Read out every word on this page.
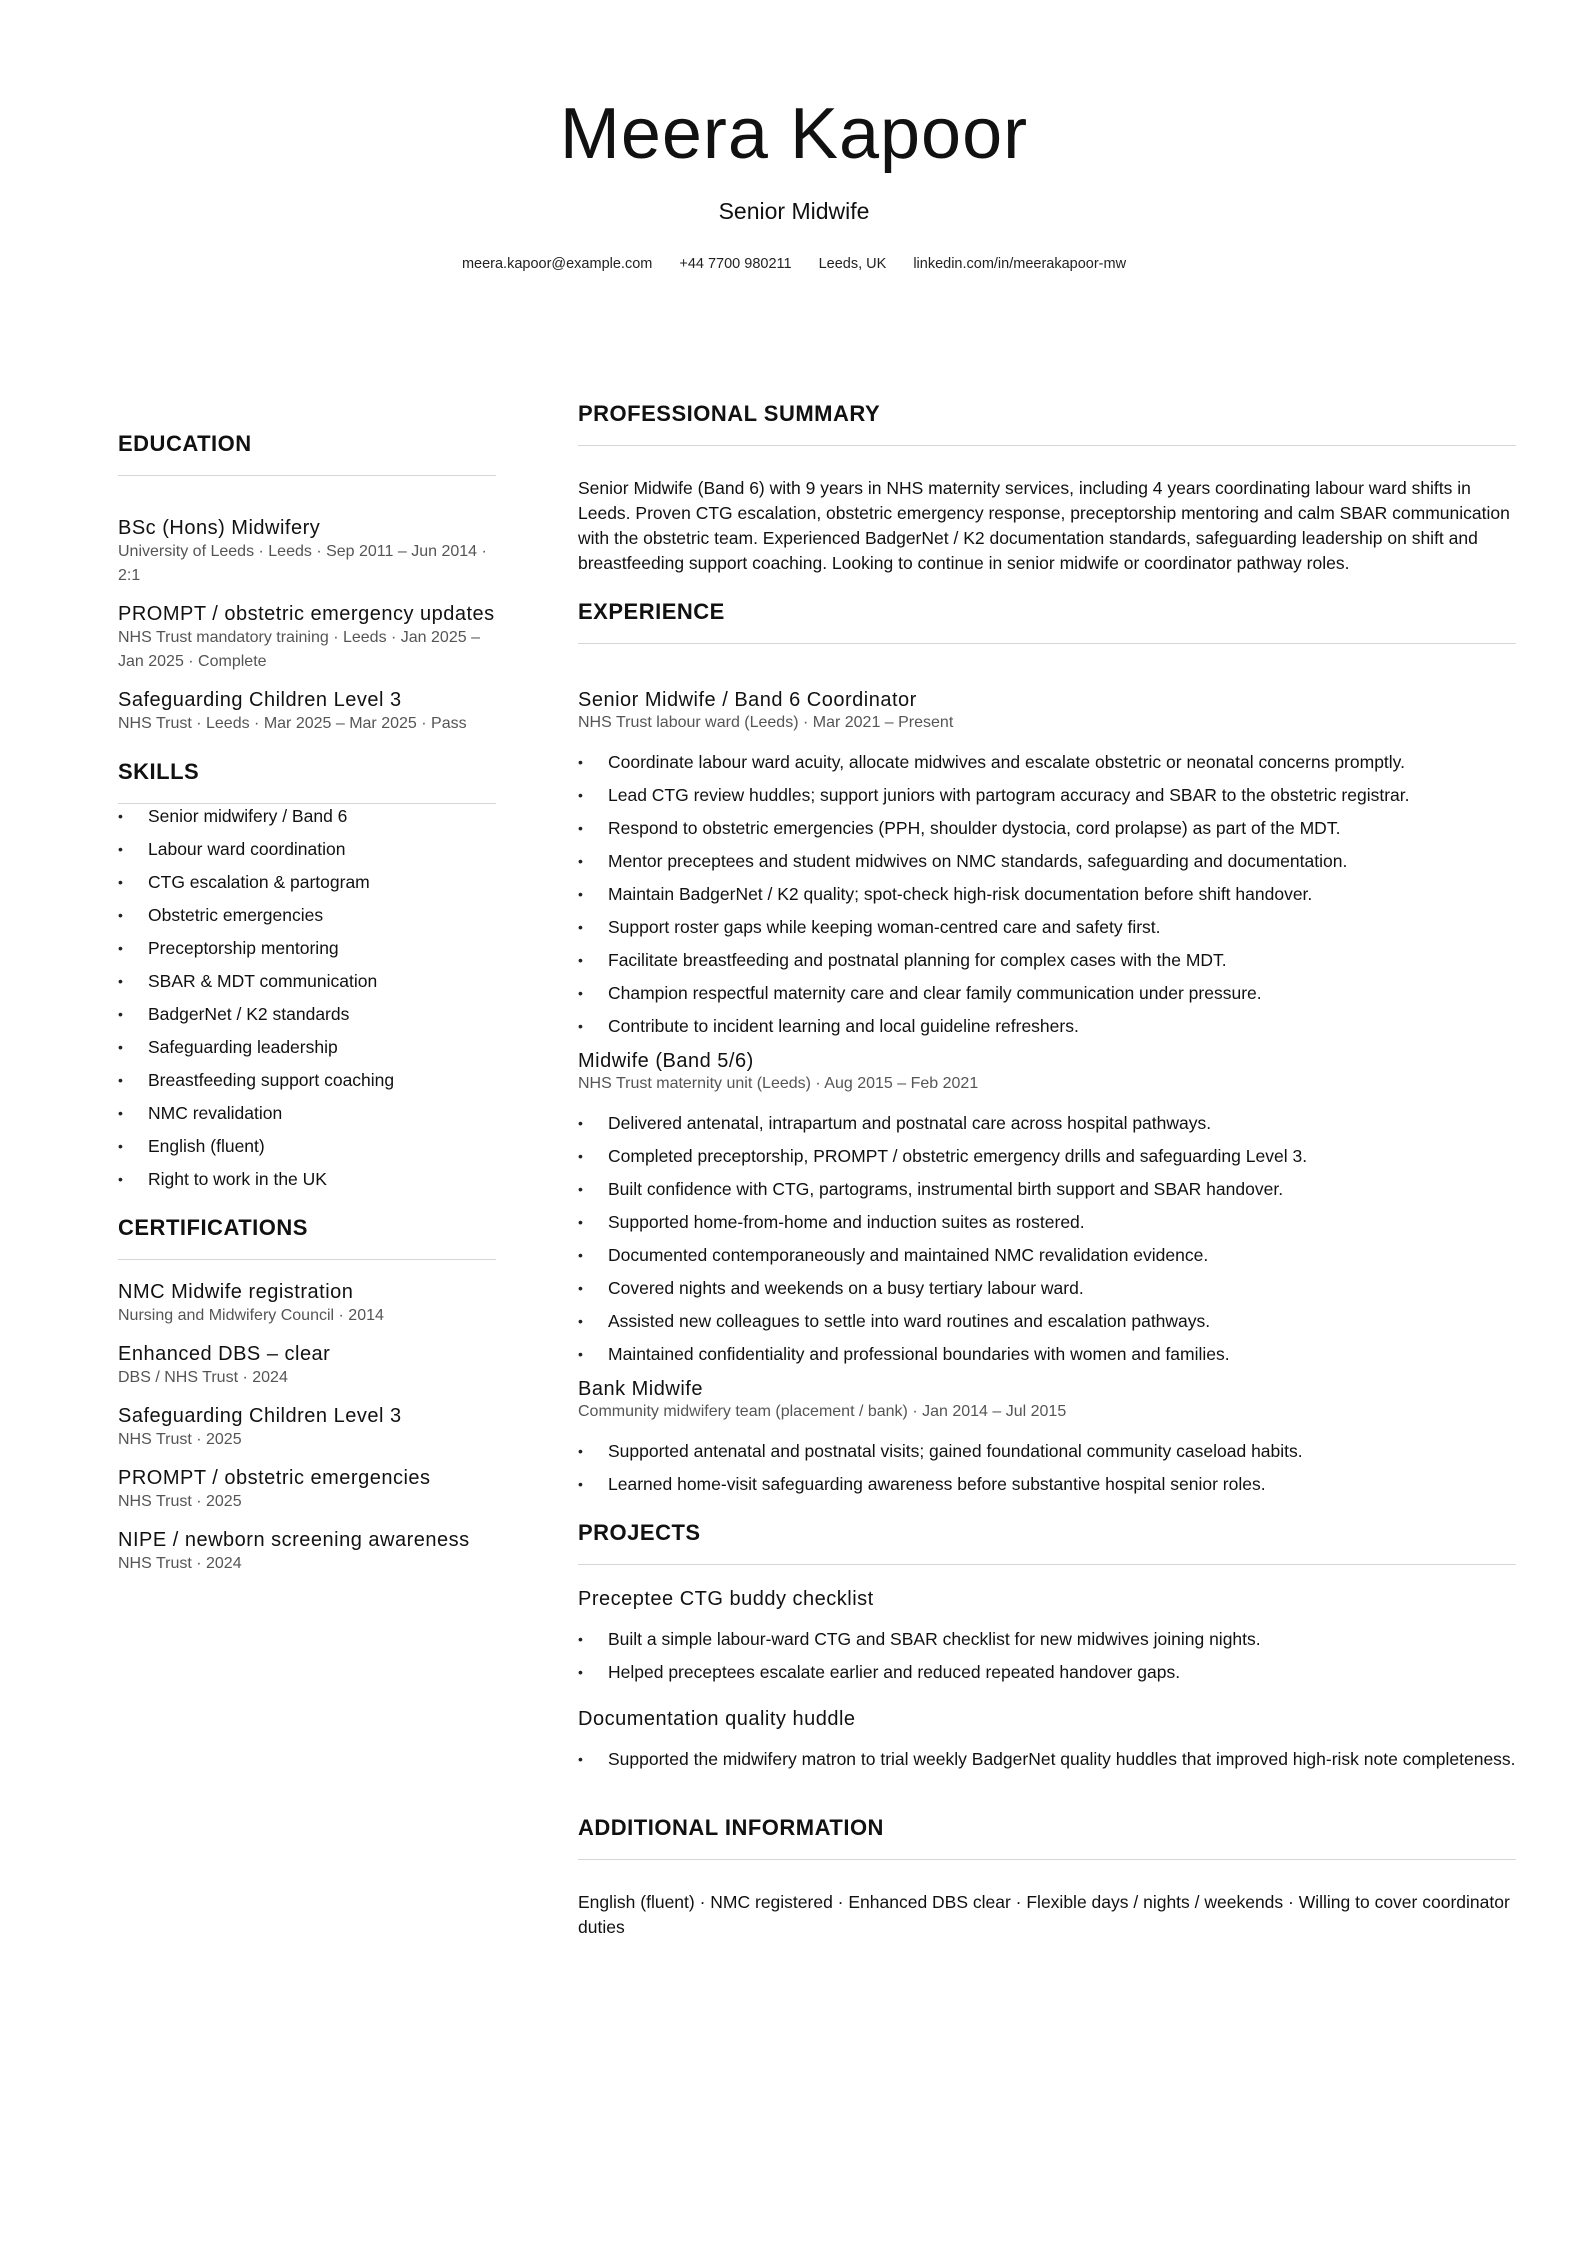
Meera Kapoor
Senior Midwife
meera.kapoor@example.com +44 7700 980211 Leeds, UK linkedin.com/in/meerakapoor-mw
EDUCATION
BSc (Hons) Midwifery
University of Leeds · Leeds · Sep 2011 – Jun 2014 · 2:1
PROMPT / obstetric emergency updates
NHS Trust mandatory training · Leeds · Jan 2025 – Jan 2025 · Complete
Safeguarding Children Level 3
NHS Trust · Leeds · Mar 2025 – Mar 2025 · Pass
SKILLS
• Senior midwifery / Band 6
• Labour ward coordination
• CTG escalation & partogram
• Obstetric emergencies
• Preceptorship mentoring
• SBAR & MDT communication
• BadgerNet / K2 standards
• Safeguarding leadership
• Breastfeeding support coaching
• NMC revalidation
• English (fluent)
• Right to work in the UK
CERTIFICATIONS
NMC Midwife registration
Nursing and Midwifery Council · 2014
Enhanced DBS – clear
DBS / NHS Trust · 2024
Safeguarding Children Level 3
NHS Trust · 2025
PROMPT / obstetric emergencies
NHS Trust · 2025
NIPE / newborn screening awareness
NHS Trust · 2024
PROFESSIONAL SUMMARY
Senior Midwife (Band 6) with 9 years in NHS maternity services, including 4 years coordinating labour ward shifts in Leeds. Proven CTG escalation, obstetric emergency response, preceptorship mentoring and calm SBAR communication with the obstetric team. Experienced BadgerNet / K2 documentation standards, safeguarding leadership on shift and breastfeeding support coaching. Looking to continue in senior midwife or coordinator pathway roles.
EXPERIENCE
Senior Midwife / Band 6 Coordinator
NHS Trust labour ward (Leeds) · Mar 2021 – Present
• Coordinate labour ward acuity, allocate midwives and escalate obstetric or neonatal concerns promptly.
• Lead CTG review huddles; support juniors with partogram accuracy and SBAR to the obstetric registrar.
• Respond to obstetric emergencies (PPH, shoulder dystocia, cord prolapse) as part of the MDT.
• Mentor preceptees and student midwives on NMC standards, safeguarding and documentation.
• Maintain BadgerNet / K2 quality; spot-check high-risk documentation before shift handover.
• Support roster gaps while keeping woman-centred care and safety first.
• Facilitate breastfeeding and postnatal planning for complex cases with the MDT.
• Champion respectful maternity care and clear family communication under pressure.
• Contribute to incident learning and local guideline refreshers.
Midwife (Band 5/6)
NHS Trust maternity unit (Leeds) · Aug 2015 – Feb 2021
• Delivered antenatal, intrapartum and postnatal care across hospital pathways.
• Completed preceptorship, PROMPT / obstetric emergency drills and safeguarding Level 3.
• Built confidence with CTG, partograms, instrumental birth support and SBAR handover.
• Supported home-from-home and induction suites as rostered.
• Documented contemporaneously and maintained NMC revalidation evidence.
• Covered nights and weekends on a busy tertiary labour ward.
• Assisted new colleagues to settle into ward routines and escalation pathways.
• Maintained confidentiality and professional boundaries with women and families.
Bank Midwife
Community midwifery team (placement / bank) · Jan 2014 – Jul 2015
• Supported antenatal and postnatal visits; gained foundational community caseload habits.
• Learned home-visit safeguarding awareness before substantive hospital senior roles.
PROJECTS
Preceptee CTG buddy checklist
• Built a simple labour-ward CTG and SBAR checklist for new midwives joining nights.
• Helped preceptees escalate earlier and reduced repeated handover gaps.
Documentation quality huddle
• Supported the midwifery matron to trial weekly BadgerNet quality huddles that improved high-risk note completeness.
ADDITIONAL INFORMATION
English (fluent) · NMC registered · Enhanced DBS clear · Flexible days / nights / weekends · Willing to cover coordinator duties
